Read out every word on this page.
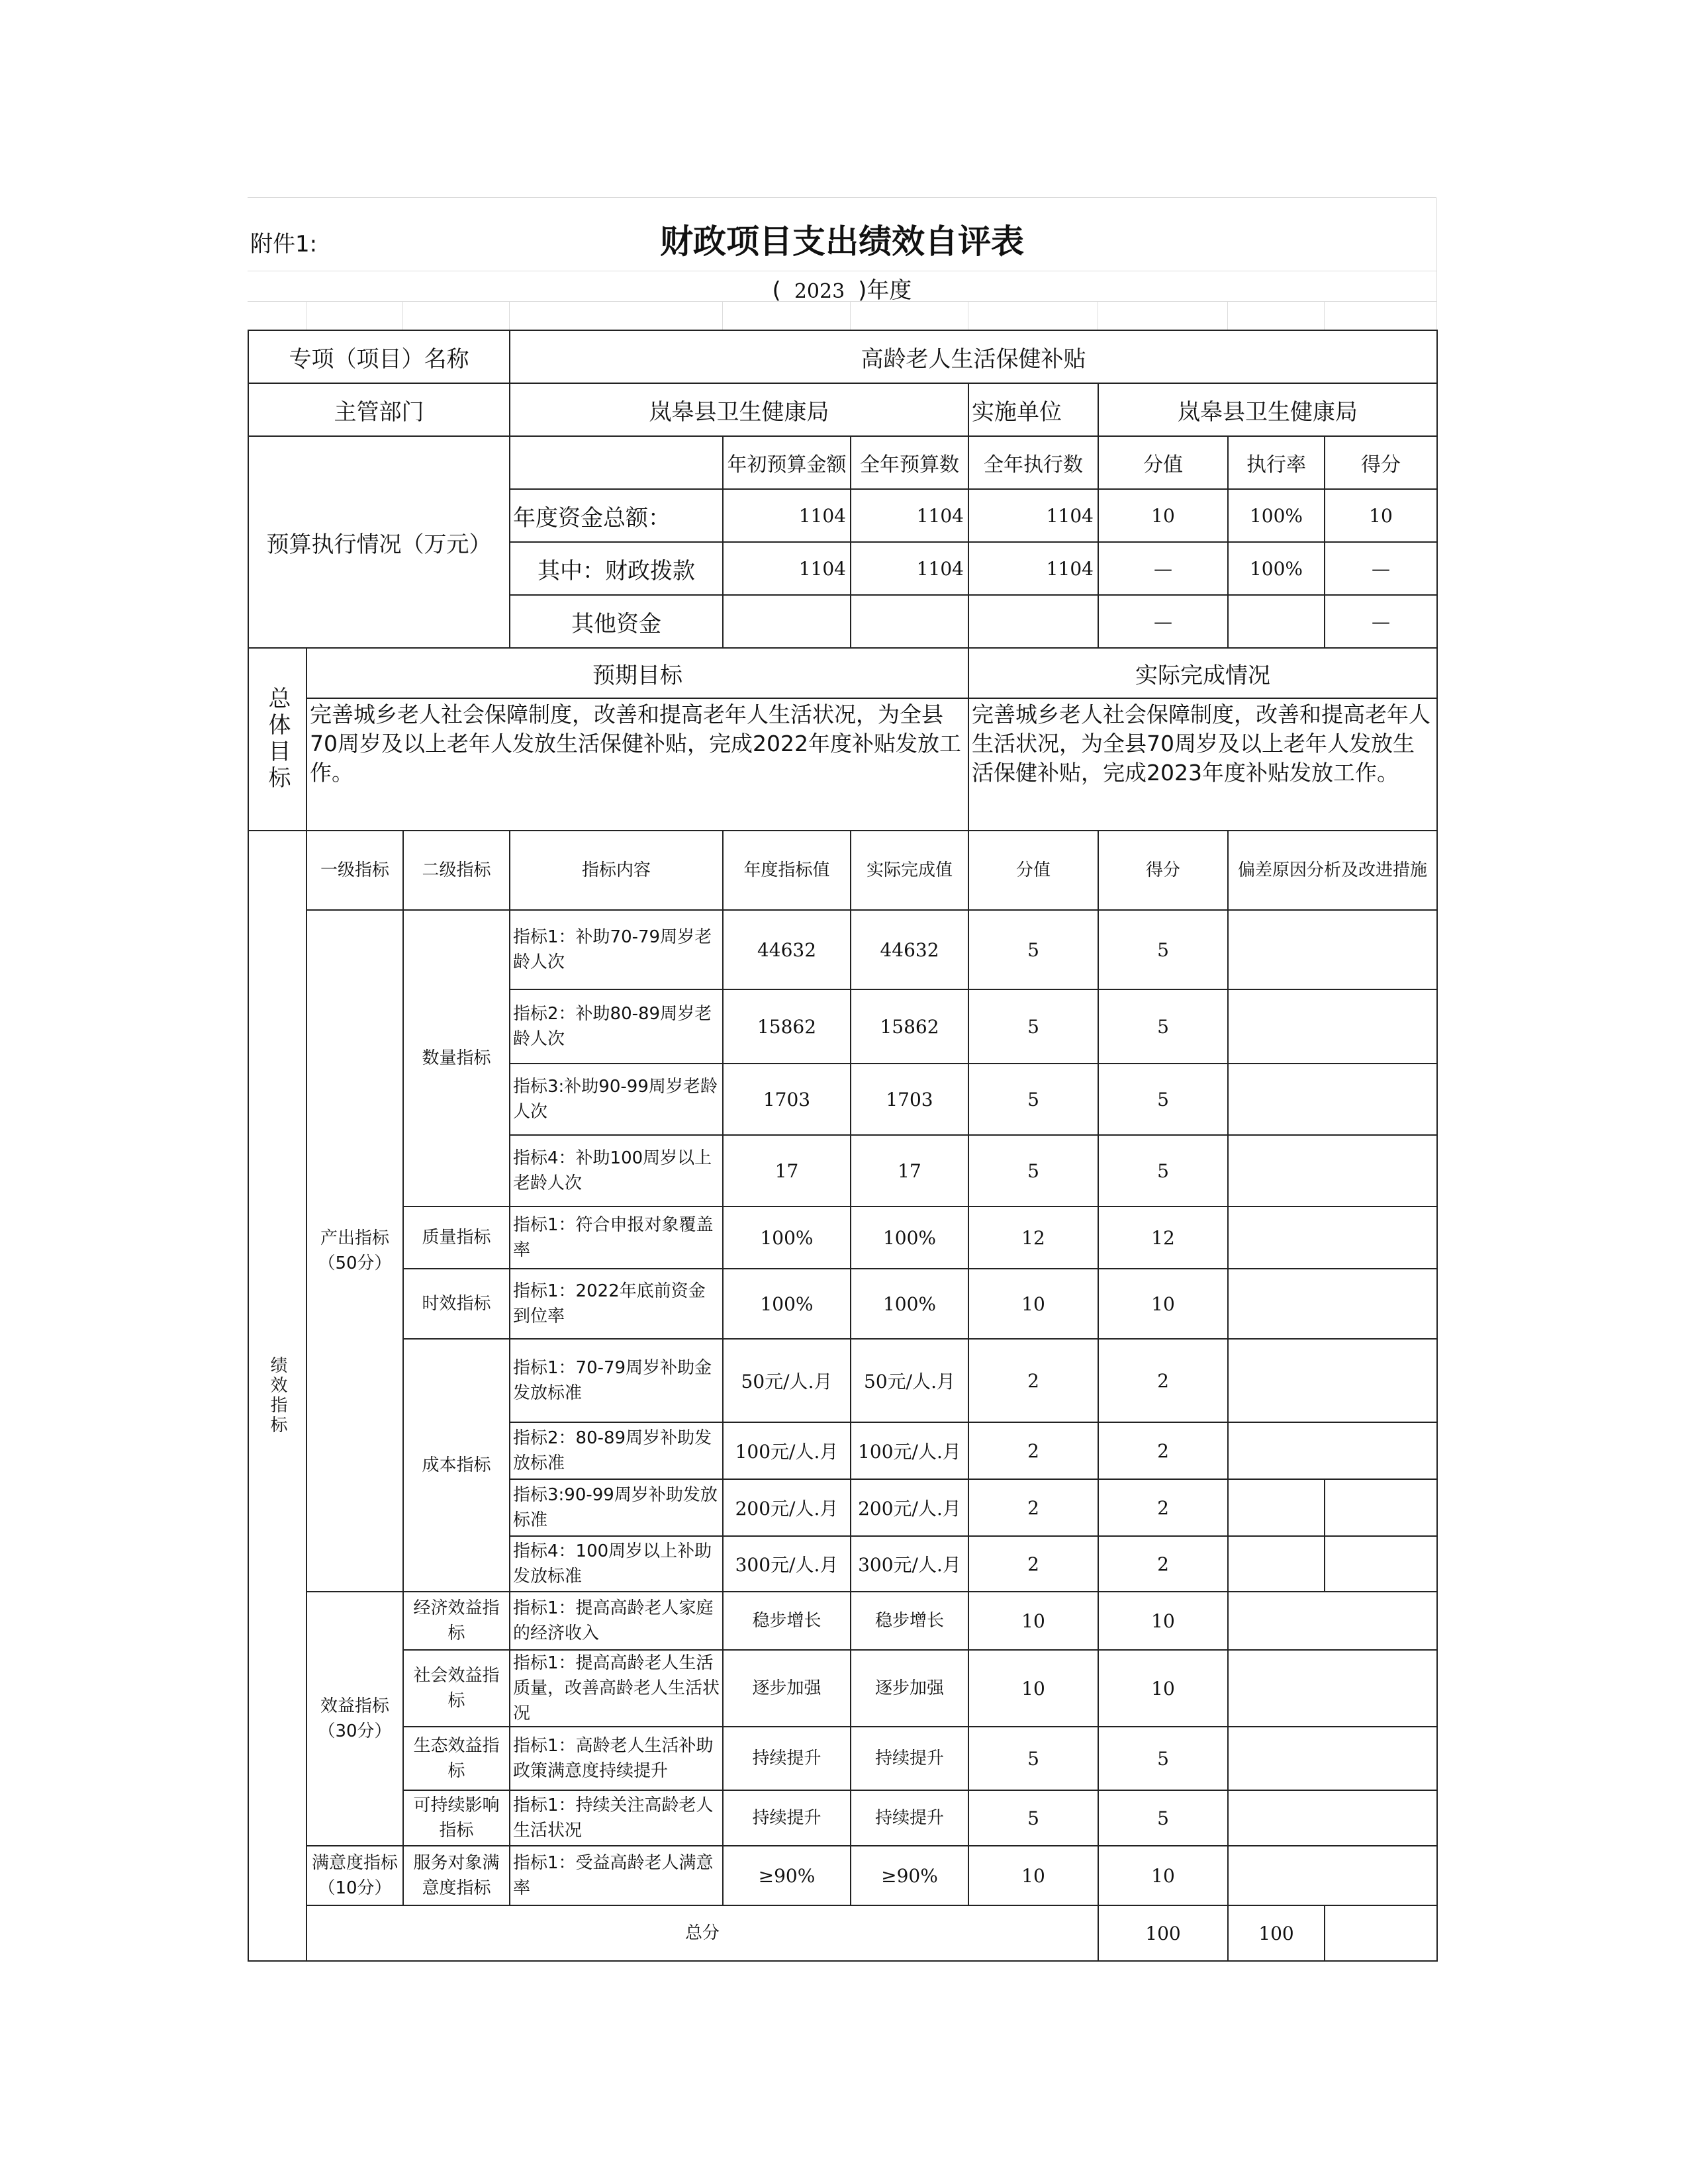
附件1:	财政项目支出绩效自评表
( 2023 )年度
专项（项目）名称			高龄老人生活保健补贴						
主管部门			岚皋县卫生健康局			实施单位	岚皋县卫生健康局		
预算执行情况（万元）				年初预算金额	全年预算数	全年执行数	分值	执行率	得分
			年度资金总额：	1104	1104	1104	10	100%	10
			其中：财政拨款	1104	1104	1104	—	100%	—
			其他资金				—		—
总体目标	预期目标					实际完成情况			
	完善城乡老人社会保障制度，改善和提高老年人生活状况，为全县70周岁及以上老年人发放生活保健补贴，完成2022年度补贴发放工作。					完善城乡老人社会保障制度，改善和提高老年人生活状况，为全县70周岁及以上老年人发放生活保健补贴，完成2023年度补贴发放工作。			
绩效指标	一级指标	二级指标	指标内容	年度指标值	实际完成值	分值	得分	偏差原因分析及改进措施	
	产出指标（50分）	数量指标	指标1：补助70-79周岁老龄人次	44632	44632	5	5		
			指标2：补助80-89周岁老龄人次	15862	15862	5	5		
			指标3:补助90-99周岁老龄人次	1703	1703	5	5		
			指标4：补助100周岁以上老龄人次	17	17	5	5		
		质量指标	指标1：符合申报对象覆盖率	100%	100%	12	12		
		时效指标	指标1：2022年底前资金到位率	100%	100%	10	10		
		成本指标	指标1：70-79周岁补助金发放标准	50元/人.月	50元/人.月	2	2		
			指标2：80-89周岁补助发放标准	100元/人.月	100元/人.月	2	2		
			指标3:90-99周岁补助发放标准	200元/人.月	200元/人.月	2	2		
			指标4：100周岁以上补助发放标准	300元/人.月	300元/人.月	2	2		
	效益指标（30分）	经济效益指标	指标1：提高高龄老人家庭的经济收入	稳步增长	稳步增长	10	10		
		社会效益指标	指标1：提高高龄老人生活质量，改善高龄老人生活状况	逐步加强	逐步加强	10	10		
		生态效益指标	指标1：高龄老人生活补助政策满意度持续提升	持续提升	持续提升	5	5		
		可持续影响指标	指标1：持续关注高龄老人生活状况	持续提升	持续提升	5	5		
	满意度指标（10分）	服务对象满意度指标	指标1：受益高龄老人满意率	≥90%	≥90%	10	10		
	总分						100	100	
